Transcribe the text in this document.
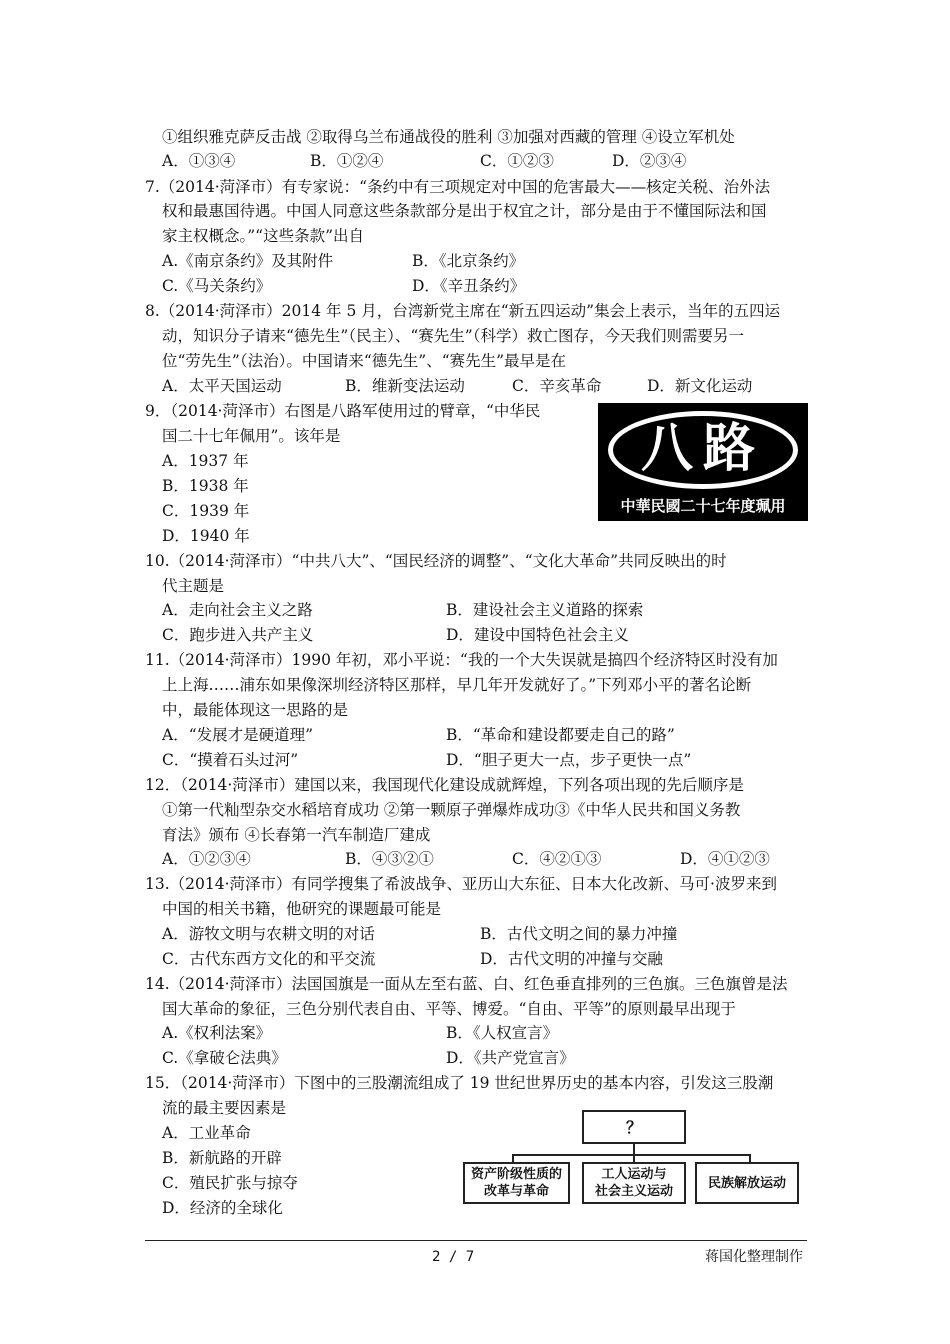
①组织雅克萨反击战 ②取得乌兰布通战役的胜利 ③加强对西藏的管理 ④设立军机处
A．①③④	B．①②④	C．①②③	D．②③④
7.（2014·菏泽市）有专家说：“条约中有三项规定对中国的危害最大——核定关税、治外法
权和最惠国待遇。中国人同意这些条款部分是出于权宜之计，部分是由于不懂国际法和国
家主权概念。”“这些条款”出自
A.《南京条约》及其附件	B．《北京条约》
C.《马关条约》	D．《辛丑条约》
8.（2014·菏泽市）2014 年 5 月，台湾新党主席在“新五四运动”集会上表示，当年的五四运
动，知识分子请来“德先生”（民主）、“赛先生”（科学）救亡图存，今天我们则需要另一
位“劳先生”（法治）。中国请来“德先生”、“赛先生”最早是在
A．太平天国运动	B．维新变法运动	C．辛亥革命	D．新文化运动
9．（2014·菏泽市）右图是八路军使用过的臂章，“中华民
国二十七年佩用”。该年是
A．1937 年
B．1938 年
C．1939 年
D．1940 年
八路
中華民國二十七年度珮用
10.（2014·菏泽市）“中共八大”、“国民经济的调整”、“文化大革命”共同反映出的时
代主题是
A．走向社会主义之路	B．建设社会主义道路的探索
C．跑步进入共产主义	D．建设中国特色社会主义
11.（2014·菏泽市）1990 年初，邓小平说：“我的一个大失误就是搞四个经济特区时没有加
上上海……浦东如果像深圳经济特区那样，早几年开发就好了。”下列邓小平的著名论断
中，最能体现这一思路的是
A．“发展才是硬道理”	B．“革命和建设都要走自己的路”
C．“摸着石头过河”	D．“胆子更大一点，步子更快一点”
12．（2014·菏泽市）建国以来，我国现代化建设成就辉煌，下列各项出现的先后顺序是
①第一代籼型杂交水稻培育成功 ②第一颗原子弹爆炸成功③《中华人民共和国义务教
育法》颁布 ④长春第一汽车制造厂建成
A．①②③④	B．④③②①	C．④②①③	D．④①②③
13.（2014·菏泽市）有同学搜集了希波战争、亚历山大东征、日本大化改新、马可·波罗来到
中国的相关书籍，他研究的课题最可能是
A．游牧文明与农耕文明的对话	B．古代文明之间的暴力冲撞
C．古代东西方文化的和平交流	D．古代文明的冲撞与交融
14.（2014·菏泽市）法国国旗是一面从左至右蓝、白、红色垂直排列的三色旗。三色旗曾是法
国大革命的象征，三色分别代表自由、平等、博爱。“自由、平等”的原则最早出现于
A.《权利法案》	B．《人权宣言》
C.《拿破仑法典》	D．《共产党宣言》
15．（2014·菏泽市）下图中的三股潮流组成了 19 世纪世界历史的基本内容，引发这三股潮
流的最主要因素是
A．工业革命
B．新航路的开辟
C．殖民扩张与掠夺
D．经济的全球化
？
资产阶级性质的
改革与革命
工人运动与
社会主义运动
民族解放运动
2 / 7	蒋国化整理制作
